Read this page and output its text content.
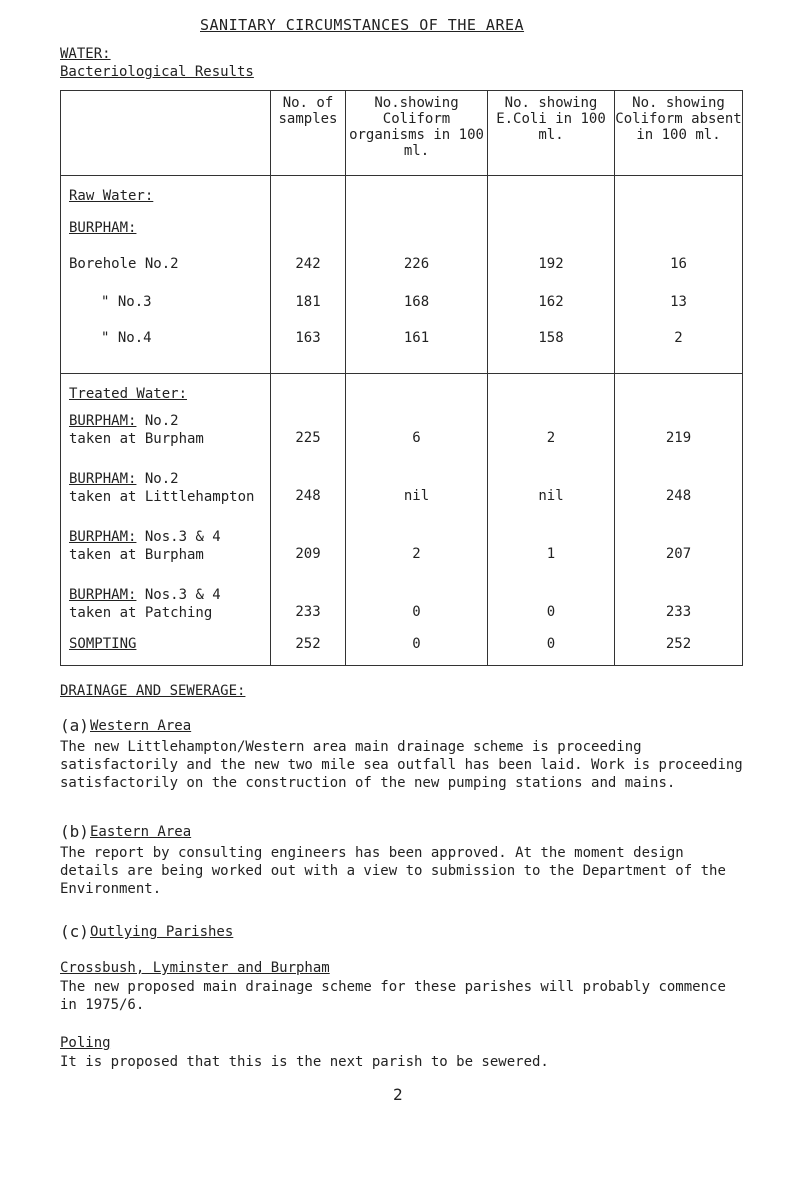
SANITARY CIRCUMSTANCES OF THE AREA
WATER:
Bacteriological Results
	No. of samples	No.showing Coliform organisms in 100 ml.	No. showing E.Coli in 100 ml.	No. showing Coliform absent in 100 ml.
Raw Water:				
BURPHAM:				
Borehole No.2	242	226	192	16
" No.3	181	168	162	13
" No.4	163	161	158	2
Treated Water:				

BURPHAM: No.2
taken at Burpham	225	6	2	219

BURPHAM: No.2
taken at Littlehampton	248	nil	nil	248

BURPHAM: Nos.3 & 4
taken at Burpham	209	2	1	207

BURPHAM: Nos.3 & 4
taken at Patching	233	0	0	233
SOMPTING	252	0	0	252
DRAINAGE AND SEWERAGE:
(a) Western Area
The new Littlehampton/Western area main drainage scheme is proceeding satisfactorily and the new two mile sea outfall has been laid. Work is proceeding satisfactorily on the construction of the new pumping stations and mains.
(b) Eastern Area
The report by consulting engineers has been approved. At the moment design details are being worked out with a view to submission to the Department of the Environment.
(c) Outlying Parishes
Crossbush, Lyminster and Burpham
The new proposed main drainage scheme for these parishes will probably commence in 1975/6.
Poling
It is proposed that this is the next parish to be sewered.
2
